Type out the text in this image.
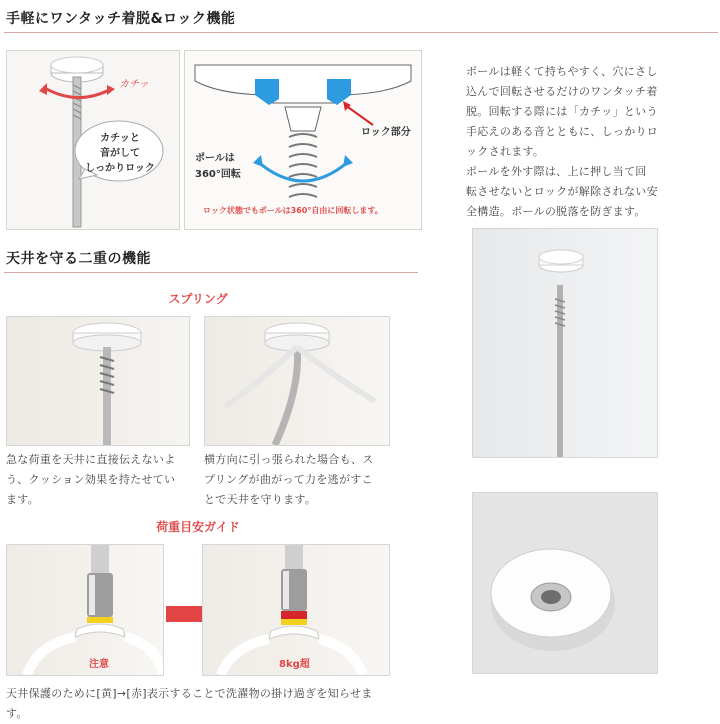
手軽にワンタッチ着脱&ロック機能
カチッ
カチッと
音がして
しっかりロック
ロック部分
ポールは
360°回転
ロック状態でもポールは360°自由に回転します。
ポールは軽くて持ちやすく、穴にさし
込んで回転させるだけのワンタッチ着
脱。回転する際には「カチッ」という
手応えのある音とともに、しっかりロ
ックされます。
ポールを外す際は、上に押し当て回
転させないとロックが解除されない安
全構造。ポールの脱落を防ぎます。
天井を守る二重の機能
スプリング
急な荷重を天井に直接伝えないよ
う、クッション効果を持たせてい
ます。
横方向に引っ張られた場合も、ス
プリングが曲がって力を逃がすこ
とで天井を守ります。
荷重目安ガイド
注意	8kg超
天井保護のために[黄]→[赤]表示することで洗濯物の掛け過ぎを知らせま
す。
